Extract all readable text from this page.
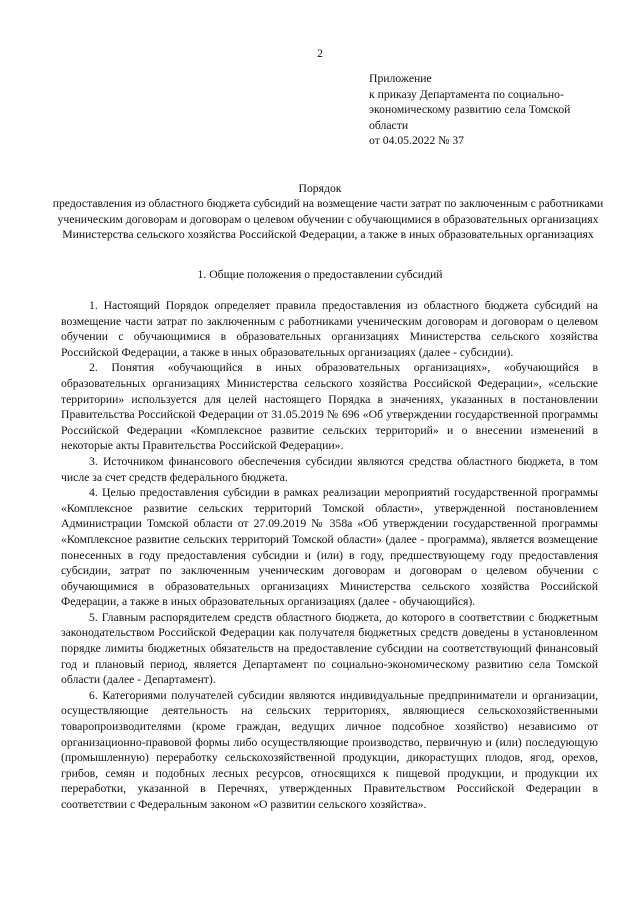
2
Приложение
к приказу Департамента по социально-
экономическому развитию села Томской
области
от 04.05.2022 № 37
Порядок
предоставления из областного бюджета субсидий на возмещение части затрат по заключенным с работниками ученическим договорам и договорам о целевом обучении с обучающимися в образовательных организациях Министерства сельского хозяйства Российской Федерации, а также в иных образовательных организациях
1. Общие положения о предоставлении субсидий

1. Настоящий Порядок определяет правила предоставления из областного бюджета субсидий на возмещение части затрат по заключенным с работниками ученическим договорам и договорам о целевом обучении с обучающимися в образовательных организациях Министерства сельского хозяйства Российской Федерации, а также в иных образовательных организациях (далее - субсидии).

2. Понятия «обучающийся в иных образовательных организациях», «обучающийся в образовательных организациях Министерства сельского хозяйства Российской Федерации», «сельские территории» используется для целей настоящего Порядка в значениях, указанных в постановлении Правительства Российской Федерации от 31.05.2019 № 696 «Об утверждении государственной программы Российской Федерации «Комплексное развитие сельских территорий» и о внесении изменений в некоторые акты Правительства Российской Федерации».

3. Источником финансового обеспечения субсидии являются средства областного бюджета, в том числе за счет средств федерального бюджета.

4. Целью предоставления субсидии в рамках реализации мероприятий государственной программы «Комплексное развитие сельских территорий Томской области», утвержденной постановлением Администрации Томской области от 27.09.2019 № 358а «Об утверждении государственной программы «Комплексное развитие сельских территорий Томской области» (далее - программа), является возмещение понесенных в году предоставления субсидии и (или) в году, предшествующему году предоставления субсидии, затрат по заключенным ученическим договорам и договорам о целевом обучении с обучающимися в образовательных организациях Министерства сельского хозяйства Российской Федерации, а также в иных образовательных организациях (далее - обучающийся).

5. Главным распорядителем средств областного бюджета, до которого в соответствии с бюджетным законодательством Российской Федерации как получателя бюджетных средств доведены в установленном порядке лимиты бюджетных обязательств на предоставление субсидии на соответствующий финансовый год и плановый период, является Департамент по социально-экономическому развитию села Томской области (далее - Департамент).

6. Категориями получателей субсидии являются индивидуальные предприниматели и организации, осуществляющие деятельность на сельских территориях, являющиеся сельскохозяйственными товаропроизводителями (кроме граждан, ведущих личное подсобное хозяйство) независимо от организационно-правовой формы либо осуществляющие производство, первичную и (или) последующую (промышленную) переработку сельскохозяйственной продукции, дикорастущих плодов, ягод, орехов, грибов, семян и подобных лесных ресурсов, относящихся к пищевой продукции, и продукции их переработки, указанной в Перечнях, утвержденных Правительством Российской Федерации в соответствии с Федеральным законом «О развитии сельского хозяйства».
